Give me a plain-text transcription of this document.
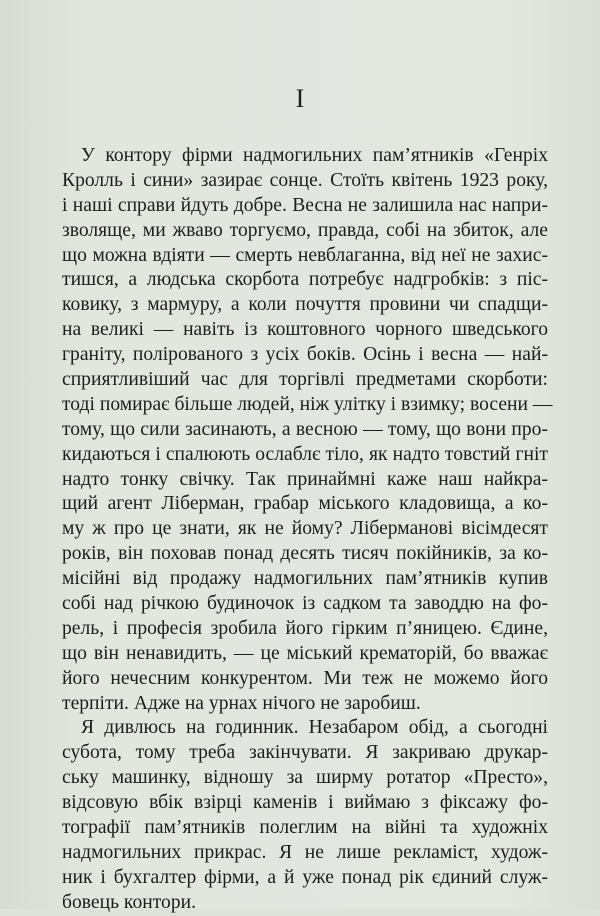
I
У контору фірми надмогильних пам’ятників «Генріх
Кролль і сини» зазирає сонце. Стоїть квітень 1923 року,
і наші справи йдуть добре. Весна не залишила нас напри-
зволяще, ми жваво торгуємо, правда, собі на збиток, але
що можна вдіяти — смерть невблаганна, від неї не захис-
тишся, а людська скорбота потребує надгробків: з піс-
ковику, з мармуру, а коли почуття провини чи спадщи-
на великі — навіть із коштовного чорного шведського
граніту, полірованого з усіх боків. Осінь і весна — най-
сприятливіший час для торгівлі предметами скорботи:
тоді помирає більше людей, ніж улітку і взимку; восени —
тому, що сили засинають, а весною — тому, що вони про-
кидаються і спалюють ослаблє тіло, як надто товстий гніт
надто тонку свічку. Так принаймні каже наш найкра-
щий агент Ліберман, грабар міського кладовища, а ко-
му ж про це знати, як не йому? Ліберманові вісімдесят
років, він поховав понад десять тисяч покійників, за ко-
місійні від продажу надмогильних пам’ятників купив
собі над річкою будиночок із садком та заводдю на фо-
рель, і професія зробила його гірким п’яницею. Єдине,
що він ненавидить, — це міський крематорій, бо вважає
його нечесним конкурентом. Ми теж не можемо його
терпіти. Адже на урнах нічого не заробиш.
Я дивлюсь на годинник. Незабаром обід, а сьогодні
субота, тому треба закінчувати. Я закриваю друкар-
ську машинку, відношу за ширму ротатор «Престо»,
відсовую вбік взірці каменів і виймаю з фіксажу фо-
тографії пам’ятників полеглим на війні та художніх
надмогильних прикрас. Я не лише рекламіст, худож-
ник і бухгалтер фірми, а й уже понад рік єдиний служ-
бовець контори.
